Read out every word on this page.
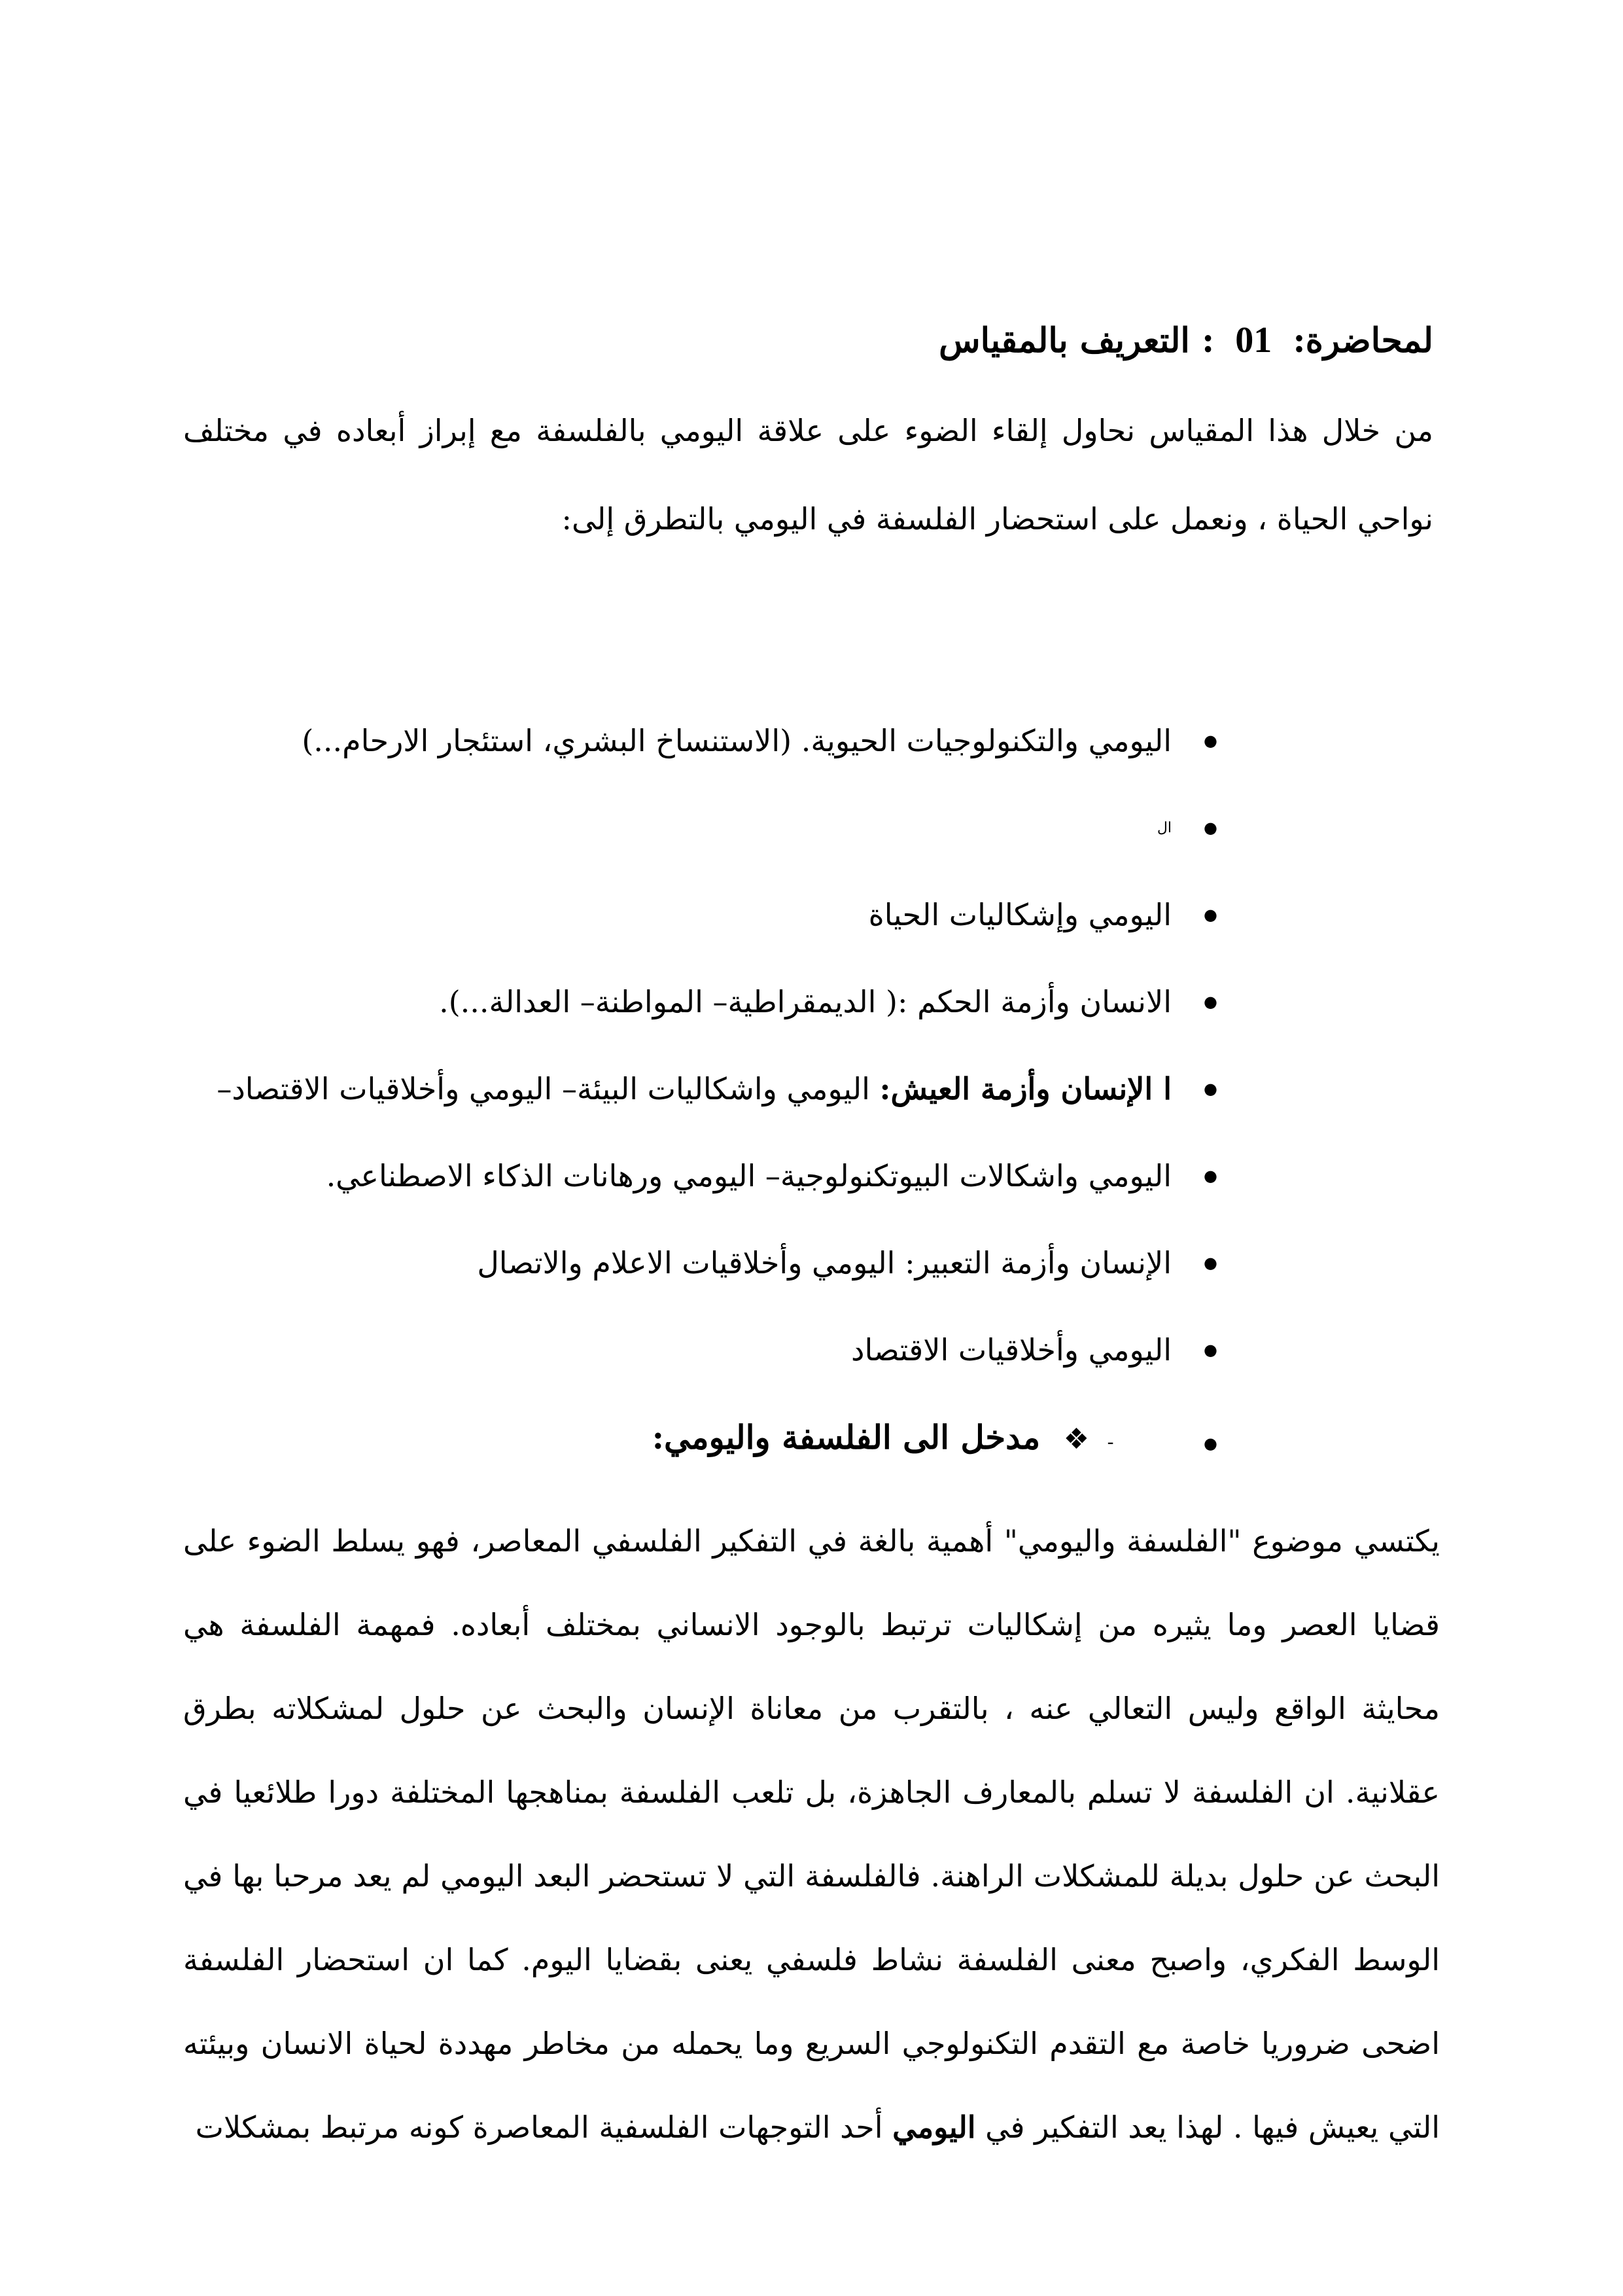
لمحاضرة: 01 : التعريف بالمقياس

من خلال هذا المقياس نحاول إلقاء الضوء على علاقة اليومي بالفلسفة مع إبراز أبعاده في مختلف نواحي الحياة ، ونعمل على استحضار الفلسفة في اليومي بالتطرق إلى:

● اليومي والتكنولوجيات الحيوية. (الاستنساخ البشري، استئجار الارحام...)
● ال
● اليومي وإشكاليات الحياة
● الانسان وأزمة الحكم :( الديمقراطية– المواطنة– العدالة...).
● ا الإنسان وأزمة العيش: اليومي واشكاليات البيئة– اليومي وأخلاقيات الاقتصاد–
● اليومي واشكالات البيوتكنولوجية– اليومي ورهانات الذكاء الاصطناعي.
● الإنسان وأزمة التعبير: اليومي وأخلاقيات الاعلام والاتصال
● اليومي وأخلاقيات الاقتصاد
● - ❖ مدخل الى الفلسفة واليومي:

يكتسي موضوع "الفلسفة واليومي" أهمية بالغة في التفكير الفلسفي المعاصر، فهو يسلط الضوء على قضايا العصر وما يثيره من إشكاليات ترتبط بالوجود الانساني بمختلف أبعاده. فمهمة الفلسفة هي محايثة الواقع وليس التعالي عنه ، بالتقرب من معاناة الإنسان والبحث عن حلول لمشكلاته بطرق عقلانية. ان الفلسفة لا تسلم بالمعارف الجاهزة، بل تلعب الفلسفة بمناهجها المختلفة دورا طلائعيا في البحث عن حلول بديلة للمشكلات الراهنة. فالفلسفة التي لا تستحضر البعد اليومي لم يعد مرحبا بها في الوسط الفكري، واصبح معنى الفلسفة نشاط فلسفي يعنى بقضايا اليوم. كما ان استحضار الفلسفة اضحى ضروريا خاصة مع التقدم التكنولوجي السريع وما يحمله من مخاطر مهددة لحياة الانسان وبيئته التي يعيش فيها . لهذا يعد التفكير في اليومي أحد التوجهات الفلسفية المعاصرة كونه مرتبط بمشكلات
